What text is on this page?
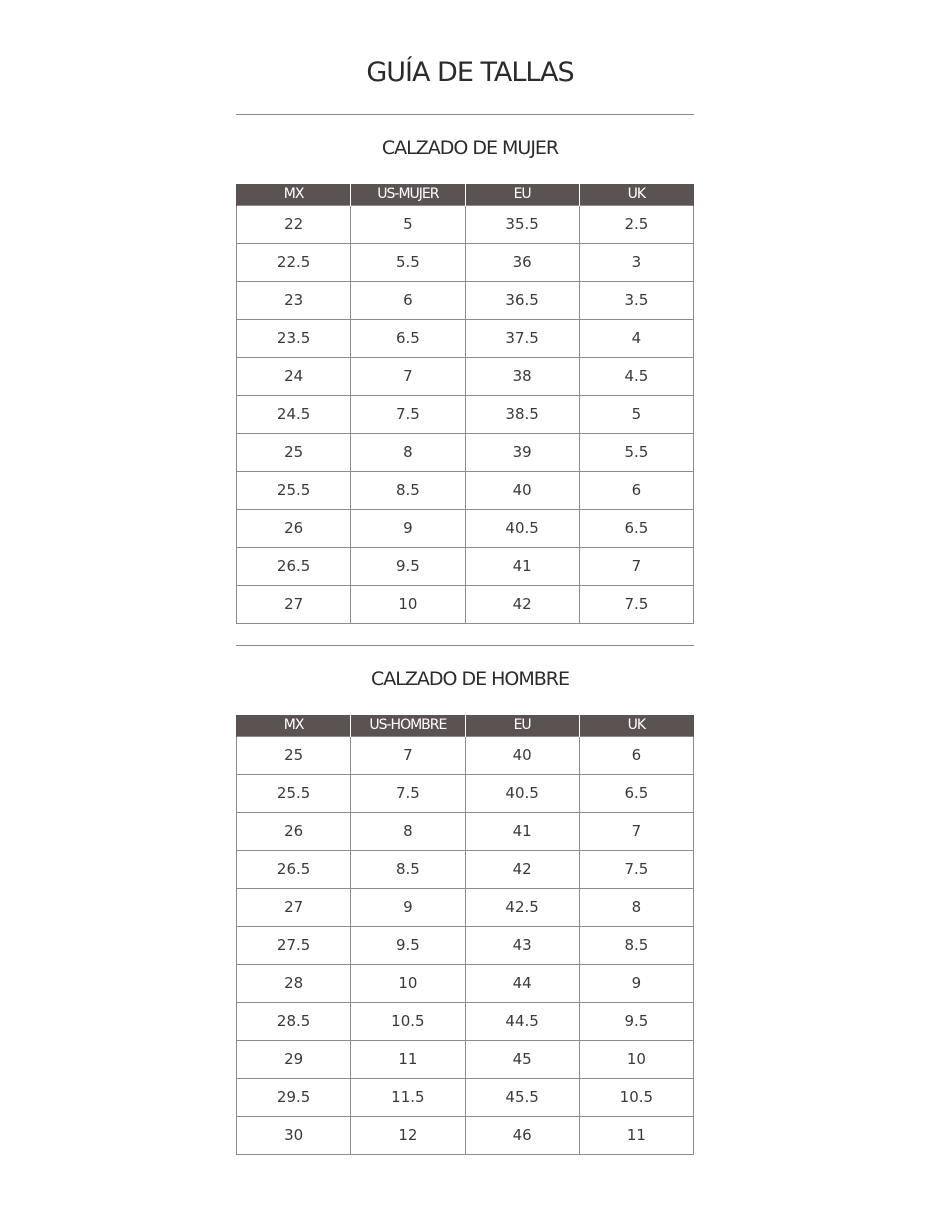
GUÍA DE TALLAS
CALZADO DE MUJER
MX	US-MUJER	EU	UK
22	5	35.5	2.5
22.5	5.5	36	3
23	6	36.5	3.5
23.5	6.5	37.5	4
24	7	38	4.5
24.5	7.5	38.5	5
25	8	39	5.5
25.5	8.5	40	6
26	9	40.5	6.5
26.5	9.5	41	7
27	10	42	7.5
CALZADO DE HOMBRE
MX	US-HOMBRE	EU	UK
25	7	40	6
25.5	7.5	40.5	6.5
26	8	41	7
26.5	8.5	42	7.5
27	9	42.5	8
27.5	9.5	43	8.5
28	10	44	9
28.5	10.5	44.5	9.5
29	11	45	10
29.5	11.5	45.5	10.5
30	12	46	11
